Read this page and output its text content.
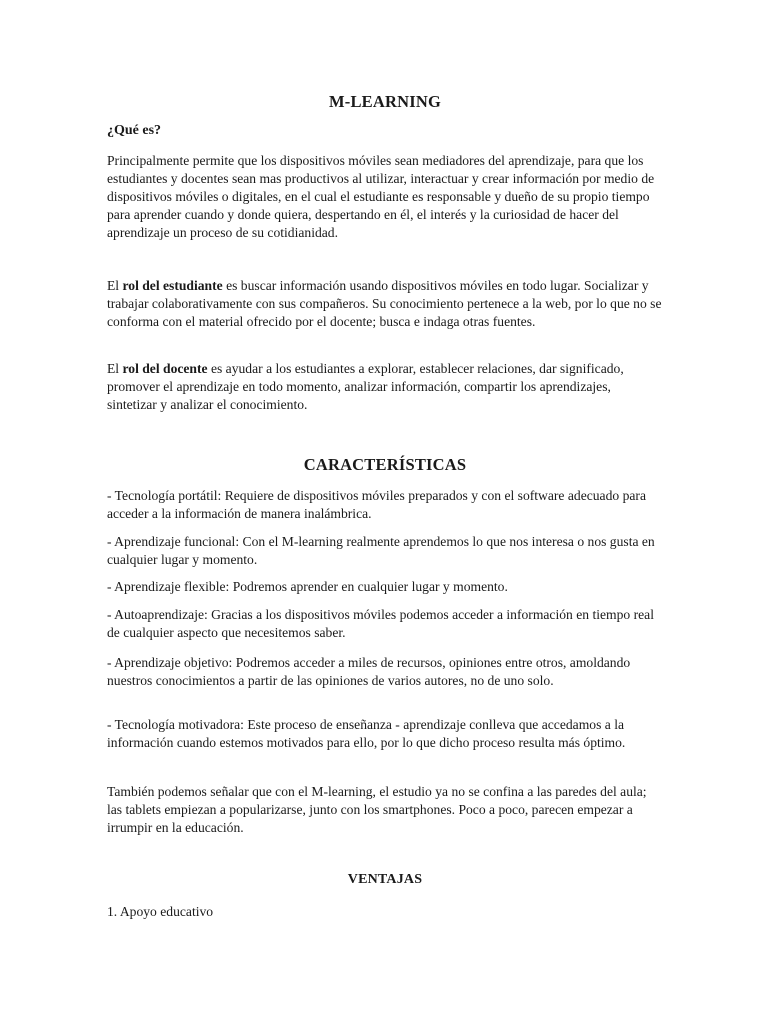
M-LEARNING

¿Qué es?

Principalmente permite que los dispositivos móviles sean mediadores del aprendizaje, para que los estudiantes y docentes sean mas productivos al utilizar, interactuar y crear información por medio de dispositivos móviles o digitales, en el cual el estudiante es responsable y dueño de su propio tiempo para aprender cuando y donde quiera, despertando en él, el interés y la curiosidad de hacer del aprendizaje un proceso de su cotidianidad.

El rol del estudiante es buscar información usando dispositivos móviles en todo lugar. Socializar y trabajar colaborativamente con sus compañeros. Su conocimiento pertenece a la web, por lo que no se conforma con el material ofrecido por el docente; busca e indaga otras fuentes.

El rol del docente es ayudar a los estudiantes a explorar, establecer relaciones, dar significado, promover el aprendizaje en todo momento, analizar información, compartir los aprendizajes, sintetizar y analizar el conocimiento.

CARACTERÍSTICAS

- Tecnología portátil: Requiere de dispositivos móviles preparados y con el software adecuado para acceder a la información de manera inalámbrica.

- Aprendizaje funcional: Con el M-learning realmente aprendemos lo que nos interesa o nos gusta en cualquier lugar y momento.

- Aprendizaje flexible: Podremos aprender en cualquier lugar y momento.

- Autoaprendizaje: Gracias a los dispositivos móviles podemos acceder a información en tiempo real de cualquier aspecto que necesitemos saber.

- Aprendizaje objetivo: Podremos acceder a miles de recursos, opiniones entre otros, amoldando nuestros conocimientos a partir de las opiniones de varios autores, no de uno solo.

- Tecnología motivadora: Este proceso de enseñanza - aprendizaje conlleva que accedamos a la información cuando estemos motivados para ello, por lo que dicho proceso resulta más óptimo.

También podemos señalar que con el M-learning, el estudio ya no se confina a las paredes del aula; las tablets empiezan a popularizarse, junto con los smartphones. Poco a poco, parecen empezar a irrumpir en la educación.

VENTAJAS

1. Apoyo educativo
